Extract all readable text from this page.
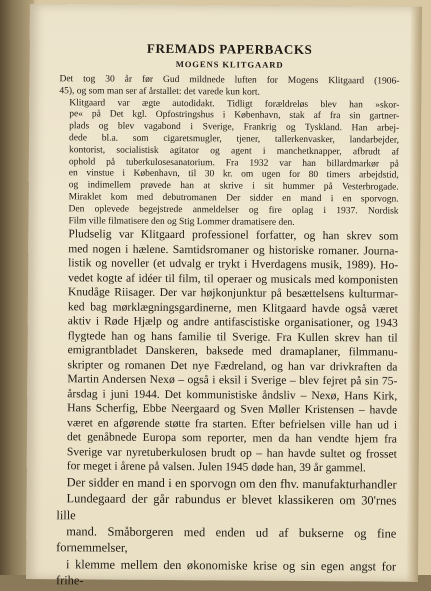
FREMADS PAPERBACKS
MOGENS KLITGAARD

Det tog 30 år før Gud mildnede luften for Mogens Klitgaard (1906-
45), og som man ser af årstallet: det varede kun kort.

Klitgaard var ægte autodidakt. Tidligt forældreløs blev han »skor-
pe« på Det kgl. Opfostringshus i København, stak af fra sin gartner-
plads og blev vagabond i Sverige, Frankrig og Tyskland. Han arbej-
dede bl.a. som cigaretsmugler, tjener, tallerkenvasker, landarbejder,
kontorist, socialistisk agitator og agent i manchetknapper, afbrudt af
ophold på tuberkulosesanatorium. Fra 1932 var han billardmarkør på
en vinstue i København, til 30 kr. om ugen for 80 timers arbejdstid,
og indimellem prøvede han at skrive i sit hummer på Vesterbrogade.
Miraklet kom med debutromanen Der sidder en mand i en sporvogn.
Den oplevede begejstrede anmeldelser og fire oplag i 1937. Nordisk
Film ville filmatisere den og Stig Lommer dramatisere den.

Pludselig var Klitgaard professionel forfatter, og han skrev som
med nogen i hælene. Samtidsromaner og historiske romaner. Journa-
listik og noveller (et udvalg er trykt i Hverdagens musik, 1989). Ho-
vedet kogte af idéer til film, til operaer og musicals med komponisten
Knudåge Riisager. Der var højkonjunktur på besættelsens kulturmar-
ked bag mørklægningsgardinerne, men Klitgaard havde også været
aktiv i Røde Hjælp og andre antifascistiske organisationer, og 1943
flygtede han og hans familie til Sverige. Fra Kullen skrev han til
emigrantbladet Danskeren, baksede med dramaplaner, filmmanu-
skripter og romanen Det nye Fædreland, og han var drivkraften da
Martin Andersen Nexø – også i eksil i Sverige – blev fejret på sin 75-
årsdag i juni 1944. Det kommunistiske åndsliv – Nexø, Hans Kirk,
Hans Scherfig, Ebbe Neergaard og Sven Møller Kristensen – havde
været en afgørende støtte fra starten. Efter befrielsen ville han ud i
det genåbnede Europa som reporter, men da han vendte hjem fra
Sverige var nyretuberkulosen brudt op – han havde sultet og frosset
for meget i årene på valsen. Julen 1945 døde han, 39 år gammel.

Der sidder en mand i en sporvogn om den fhv. manufakturhandler
Lundegaard der går rabundus er blevet klassikeren om 30'rnes lille
mand. Småborgeren med enden ud af bukserne og fine fornemmelser,
i klemme mellem den økonomiske krise og sin egen angst for frihe-
